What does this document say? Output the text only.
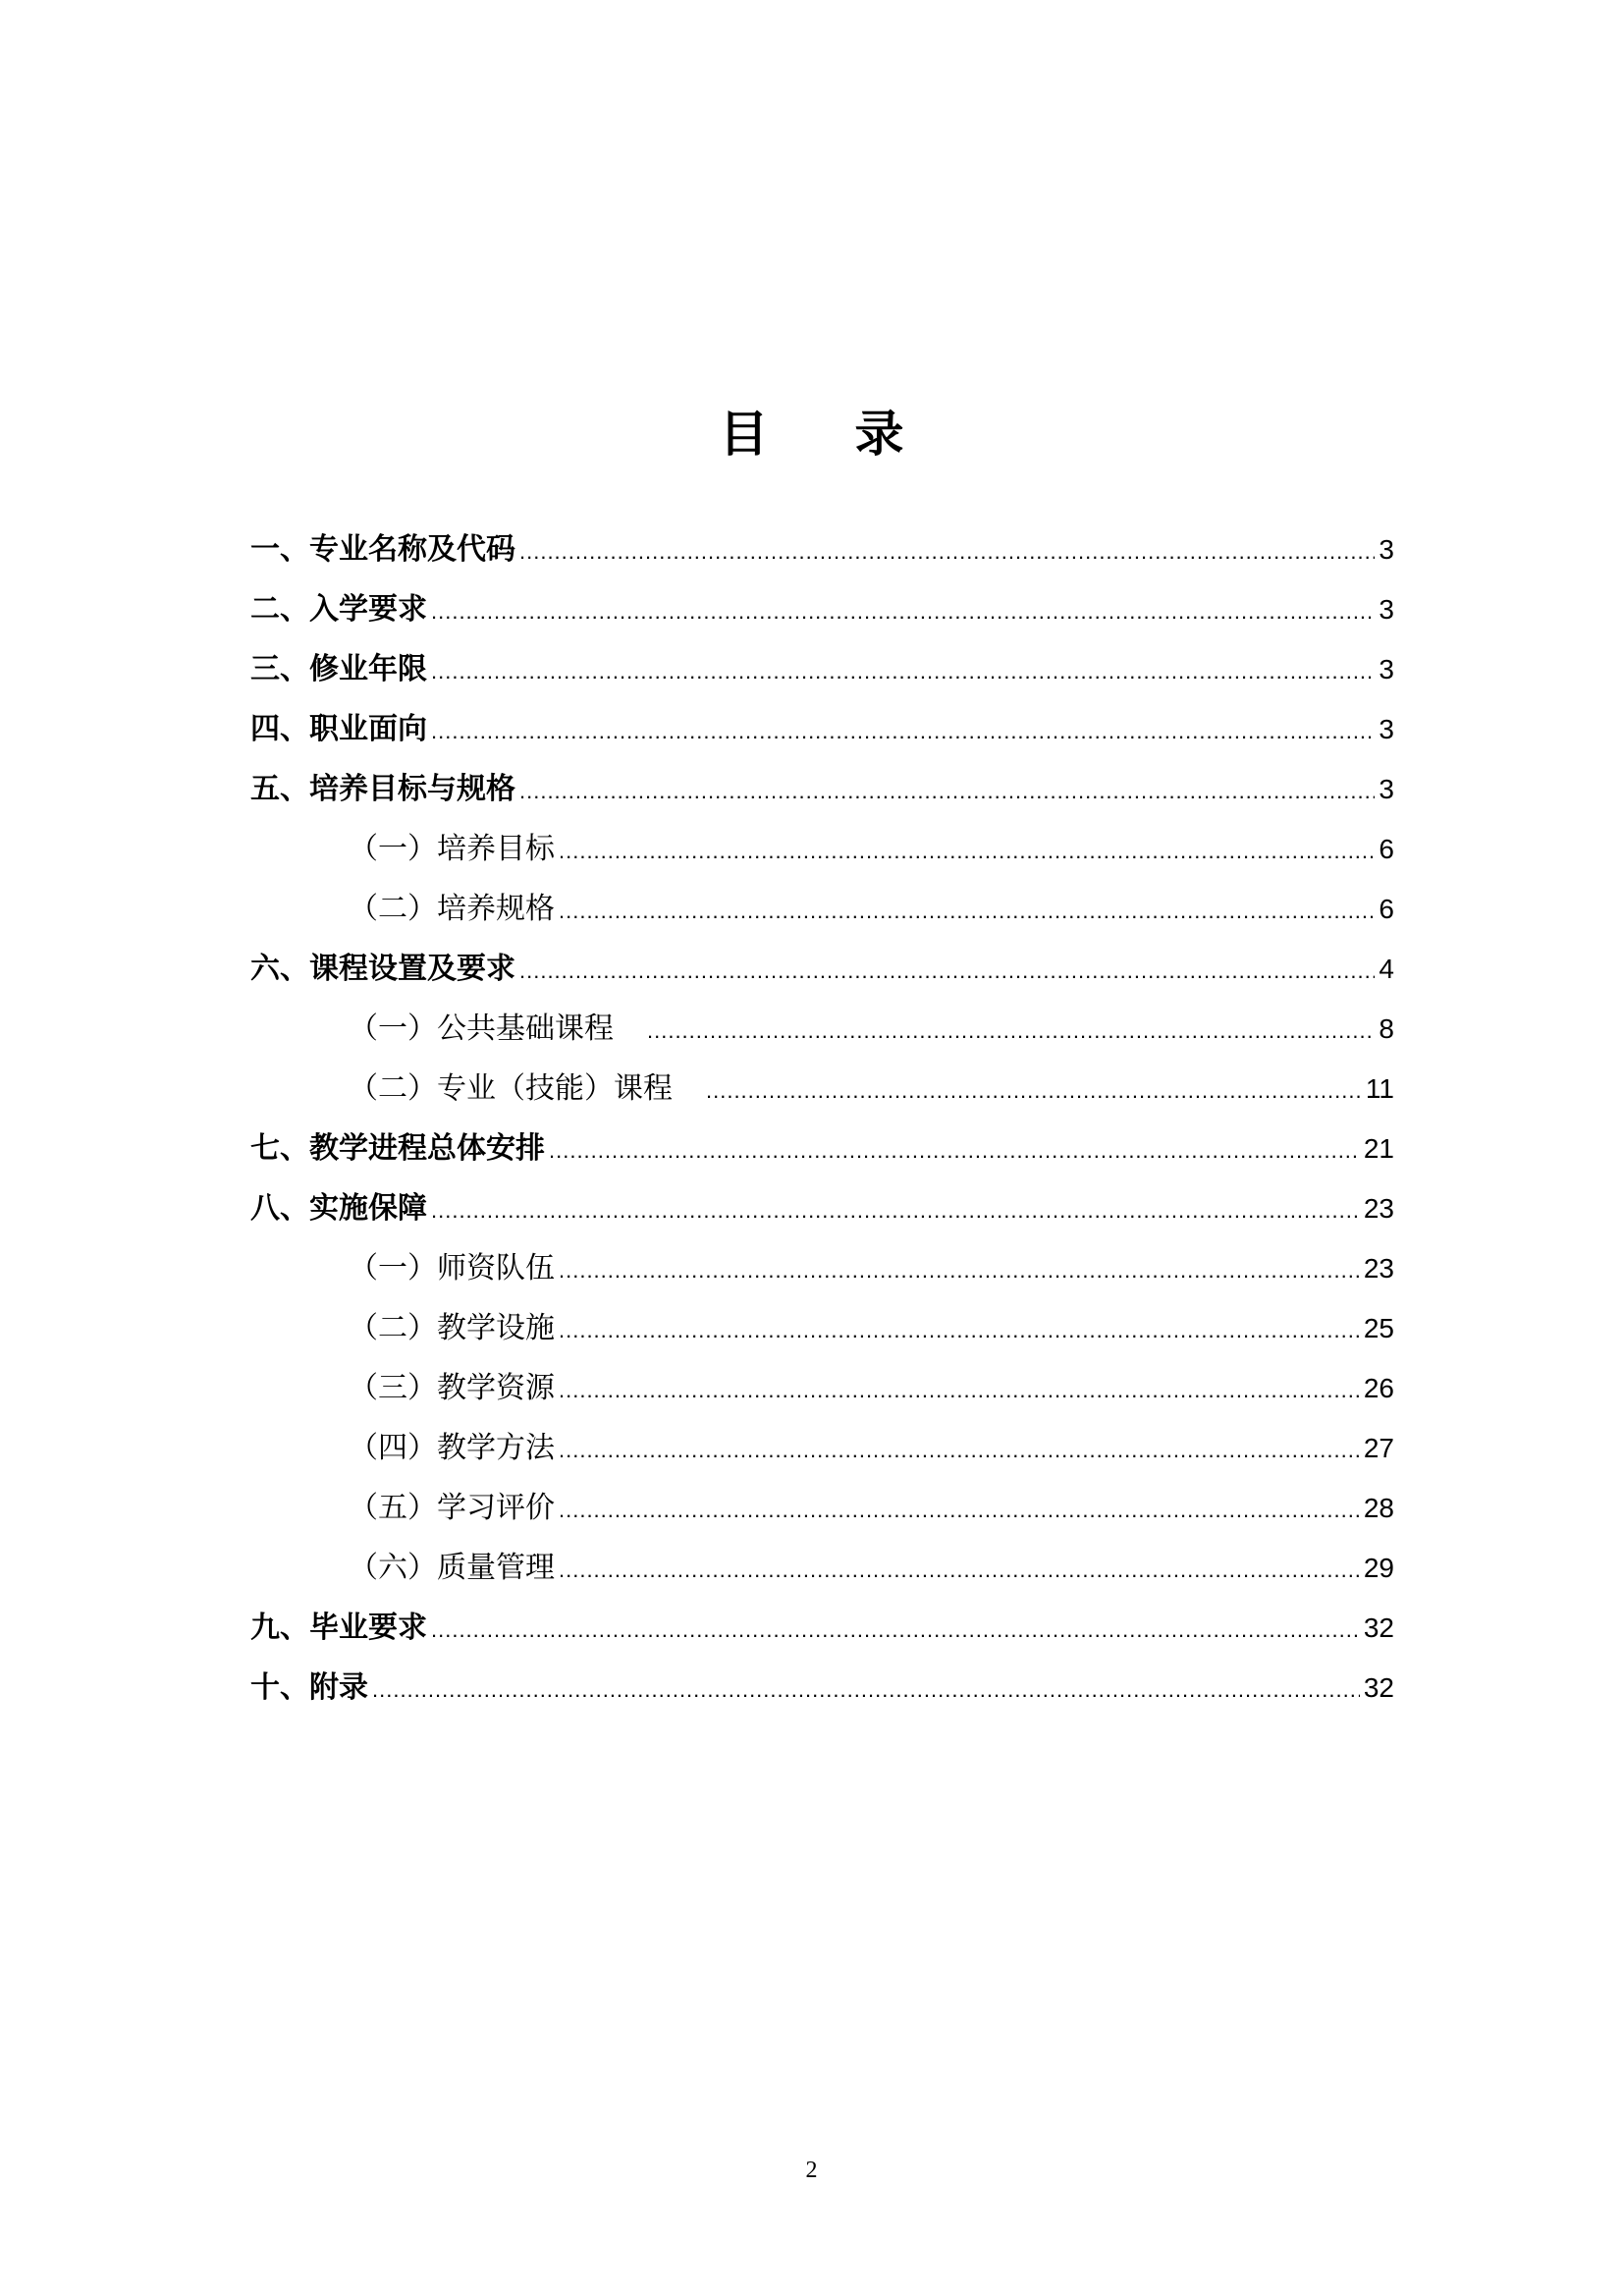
目 录
一、专业名称及代码 .....	3
二、入学要求 .....	3
三、修业年限 .....	3
四、职业面向 .....	3
五、培养目标与规格 .....	3
（一）培养目标 .....	6
（二）培养规格 .....	6
六、课程设置及要求 .....	4
（一）公共基础课程　 .....	8
（二）专业（技能）课程　 .....	11
七、教学进程总体安排 .....	21
八、实施保障 .....	23
（一）师资队伍 .....	23
（二）教学设施 .....	25
（三）教学资源 .....	26
（四）教学方法 .....	27
（五）学习评价 .....	28
（六）质量管理 .....	29
九、毕业要求 .....	32
十、附录 .....	32
2
